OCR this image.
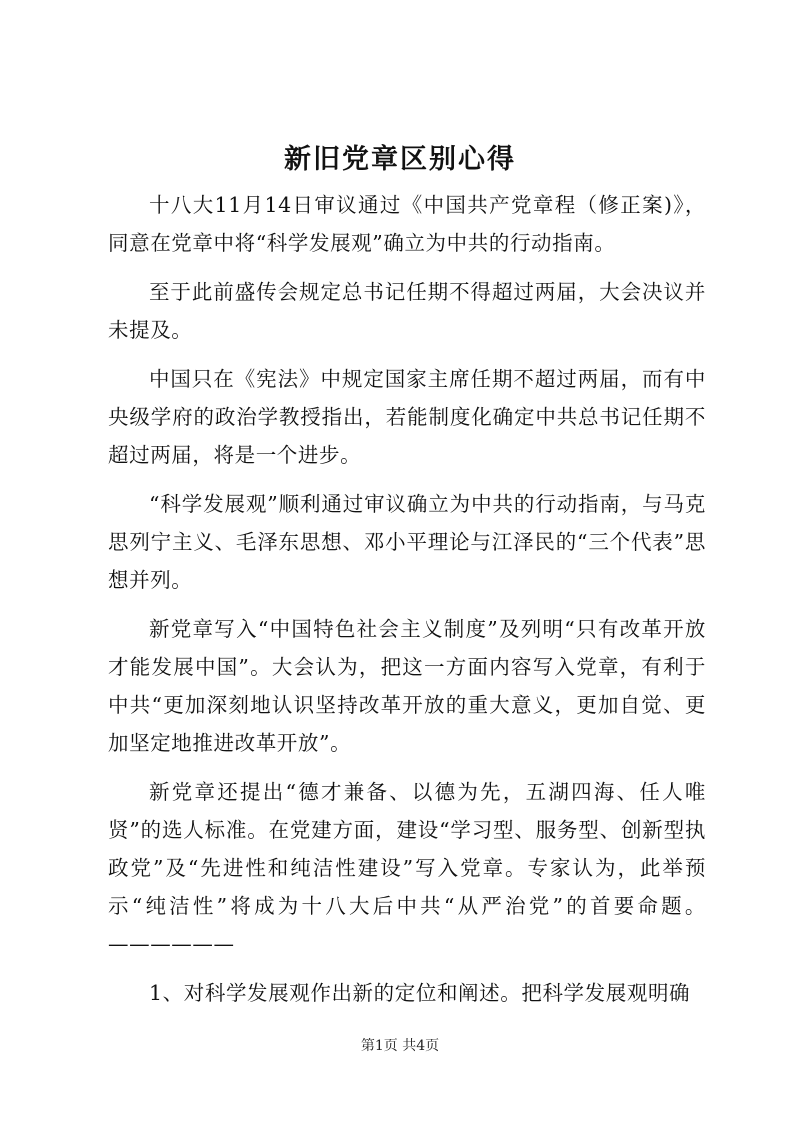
新旧党章区别心得

十八大11月14日审议通过《中国共产党章程（修正案)》，同意在党章中将“科学发展观”确立为中共的行动指南。

至于此前盛传会规定总书记任期不得超过两届，大会决议并未提及。

中国只在《宪法》中规定国家主席任期不超过两届，而有中央级学府的政治学教授指出，若能制度化确定中共总书记任期不超过两届，将是一个进步。

“科学发展观”顺利通过审议确立为中共的行动指南，与马克思列宁主义、毛泽东思想、邓小平理论与江泽民的“三个代表”思想并列。

新党章写入“中国特色社会主义制度”及列明“只有改革开放才能发展中国”。大会认为，把这一方面内容写入党章，有利于中共“更加深刻地认识坚持改革开放的重大意义，更加自觉、更加坚定地推进改革开放”。

新党章还提出“德才兼备、以德为先，五湖四海、任人唯贤”的选人标准。在党建方面，建设“学习型、服务型、创新型执政党”及“先进性和纯洁性建设”写入党章。专家认为，此举预示“纯洁性”将成为十八大后中共“从严治党”的首要命题。——————

1、对科学发展观作出新的定位和阐述。把科学发展观明确

第1页 共4页
